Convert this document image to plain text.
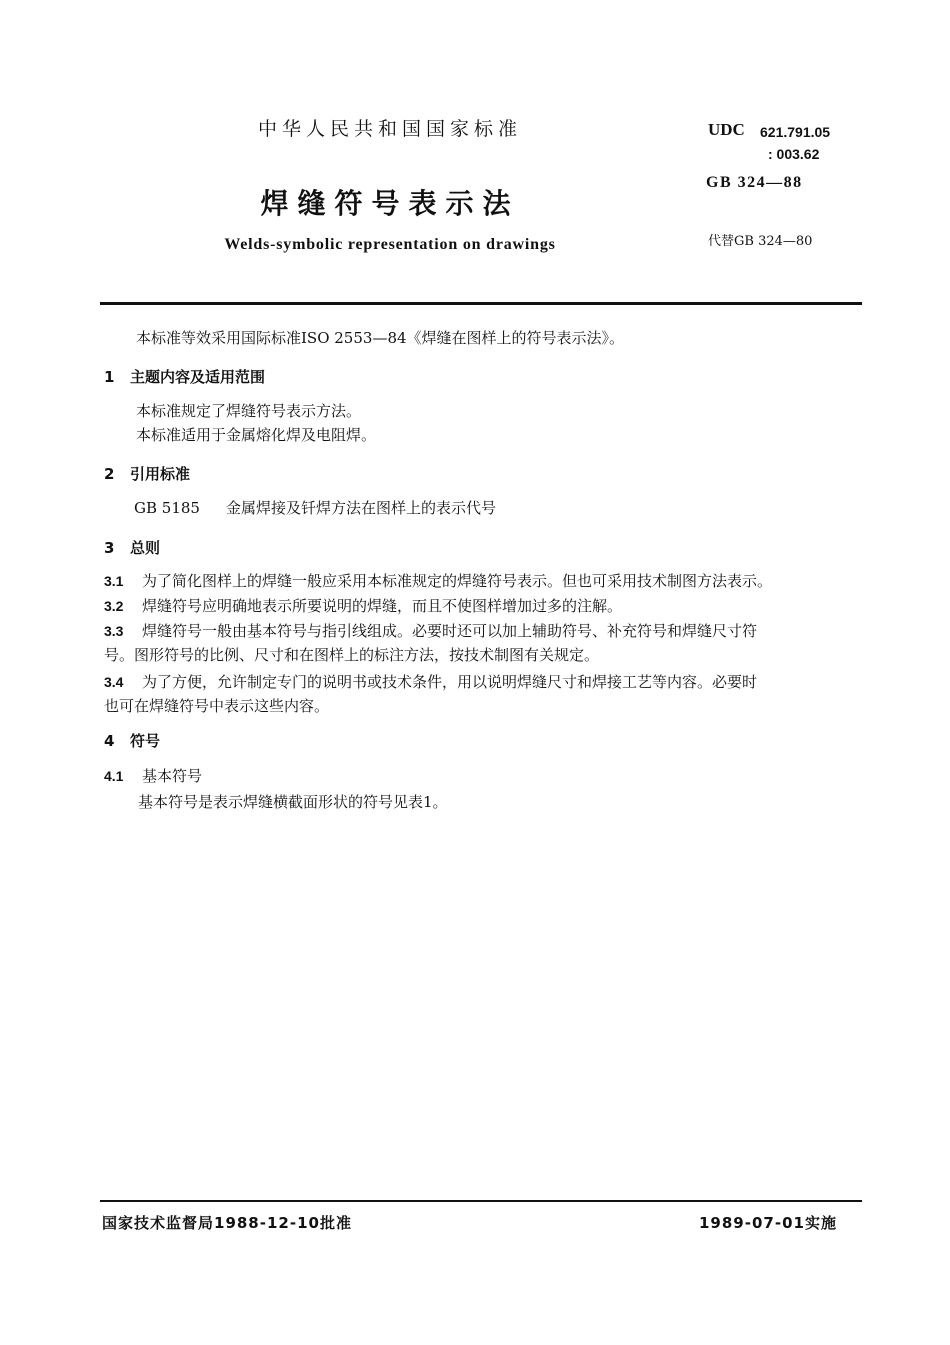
中华人民共和国国家标准
焊缝符号表示法
Welds-symbolic representation on drawings
UDC 621.791.05
: 003.62
GB 324—88
代替GB 324—80
本标准等效采用国际标准ISO 2553—84《焊缝在图样上的符号表示法》。
1 主题内容及适用范围
本标准规定了焊缝符号表示方法。
本标准适用于金属熔化焊及电阻焊。
2 引用标准
GB 5185 金属焊接及钎焊方法在图样上的表示代号
3 总则
3.1 为了简化图样上的焊缝一般应采用本标准规定的焊缝符号表示。但也可采用技术制图方法表示。
3.2 焊缝符号应明确地表示所要说明的焊缝，而且不使图样增加过多的注解。
3.3 焊缝符号一般由基本符号与指引线组成。必要时还可以加上辅助符号、补充符号和焊缝尺寸符
号。图形符号的比例、尺寸和在图样上的标注方法，按技术制图有关规定。
3.4 为了方便，允许制定专门的说明书或技术条件，用以说明焊缝尺寸和焊接工艺等内容。必要时
也可在焊缝符号中表示这些内容。
4 符号
4.1 基本符号
基本符号是表示焊缝横截面形状的符号见表1。
国家技术监督局1988-12-10批准	1989-07-01实施
